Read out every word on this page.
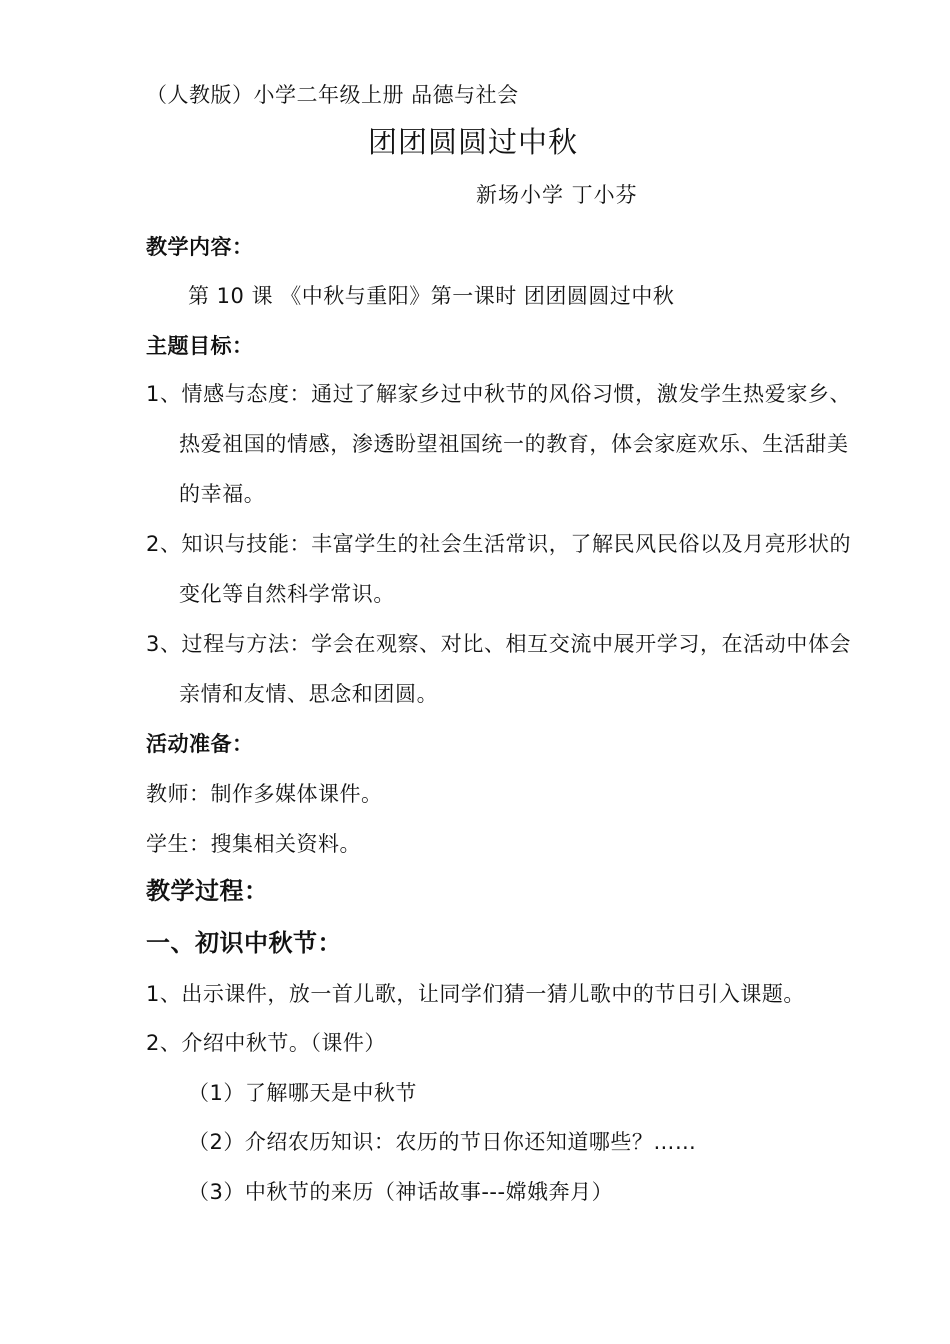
（人教版）小学二年级上册 品德与社会
团团圆圆过中秋
新场小学 丁小芬
教学内容：
第 10 课 《中秋与重阳》第一课时 团团圆圆过中秋
主题目标：
1、情感与态度：通过了解家乡过中秋节的风俗习惯，激发学生热爱家乡、热爱祖国的情感，渗透盼望祖国统一的教育，体会家庭欢乐、生活甜美的幸福。
2、知识与技能：丰富学生的社会生活常识，了解民风民俗以及月亮形状的变化等自然科学常识。
3、过程与方法：学会在观察、对比、相互交流中展开学习，在活动中体会亲情和友情、思念和团圆。
活动准备：
教师：制作多媒体课件。
学生：搜集相关资料。
教学过程：
一、初识中秋节：
1、出示课件，放一首儿歌，让同学们猜一猜儿歌中的节日引入课题。
2、介绍中秋节。（课件）
（1）了解哪天是中秋节
（2）介绍农历知识：农历的节日你还知道哪些？……
（3）中秋节的来历（神话故事---嫦娥奔月）
